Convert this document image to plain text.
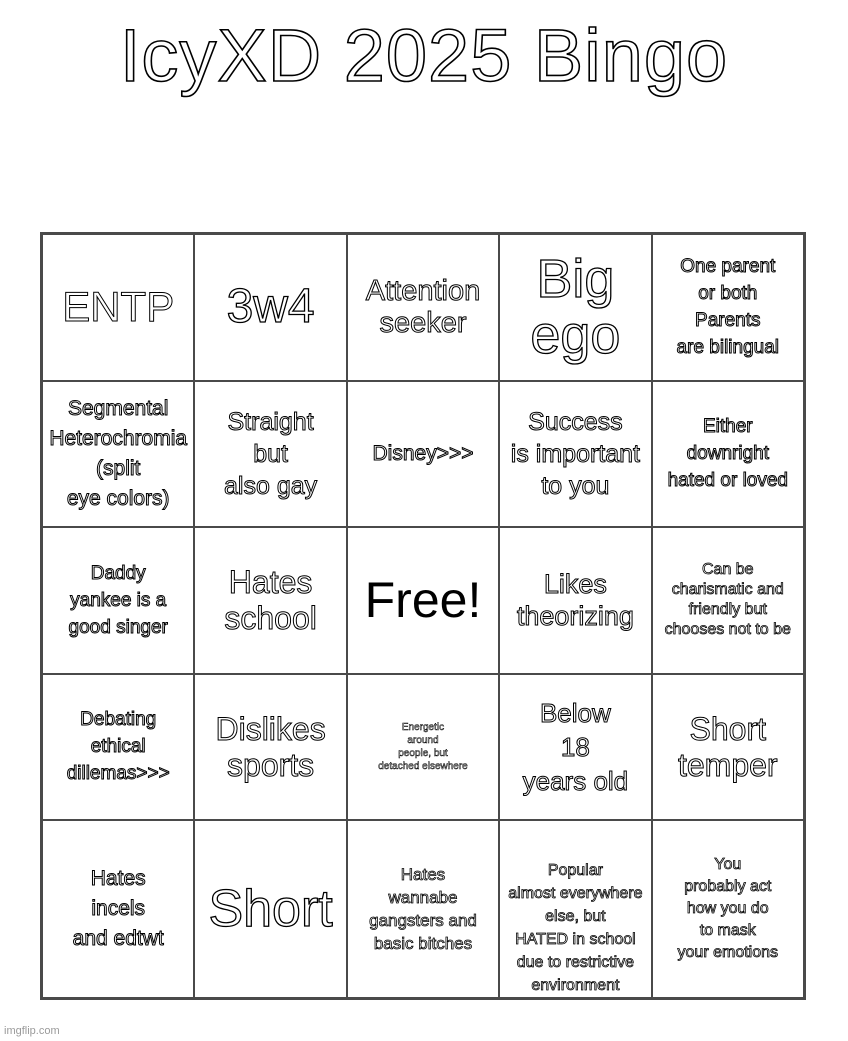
IcyXD 2025 Bingo
ENTP 3w4 Attention
seeker
Big
ego
One parent
or both
Parents
are bilingual
Segmental
Heterochromia
(split
eye colors)
Straight
but
also gay
Disney>>>
Success
is important
to you
Either
downright
hated or loved
Daddy
yankee is a
good singer
Hates
school Free!	Likes
theorizing
Can be
charismatic and
friendly but
chooses not to be
Debating
ethical
dillemas>>>
Dislikes
sports
Energetic
around
people, but
detached elsewhere
Below
18
years old
Short
temper
Hates
incels
and edtwt
Short
Hates
wannabe
gangsters and
basic bitches
Popular
almost everywhere
else, but
HATED in school
due to restrictive
environment
You
probably act
how you do
to mask
your emotions
imgflip.com
